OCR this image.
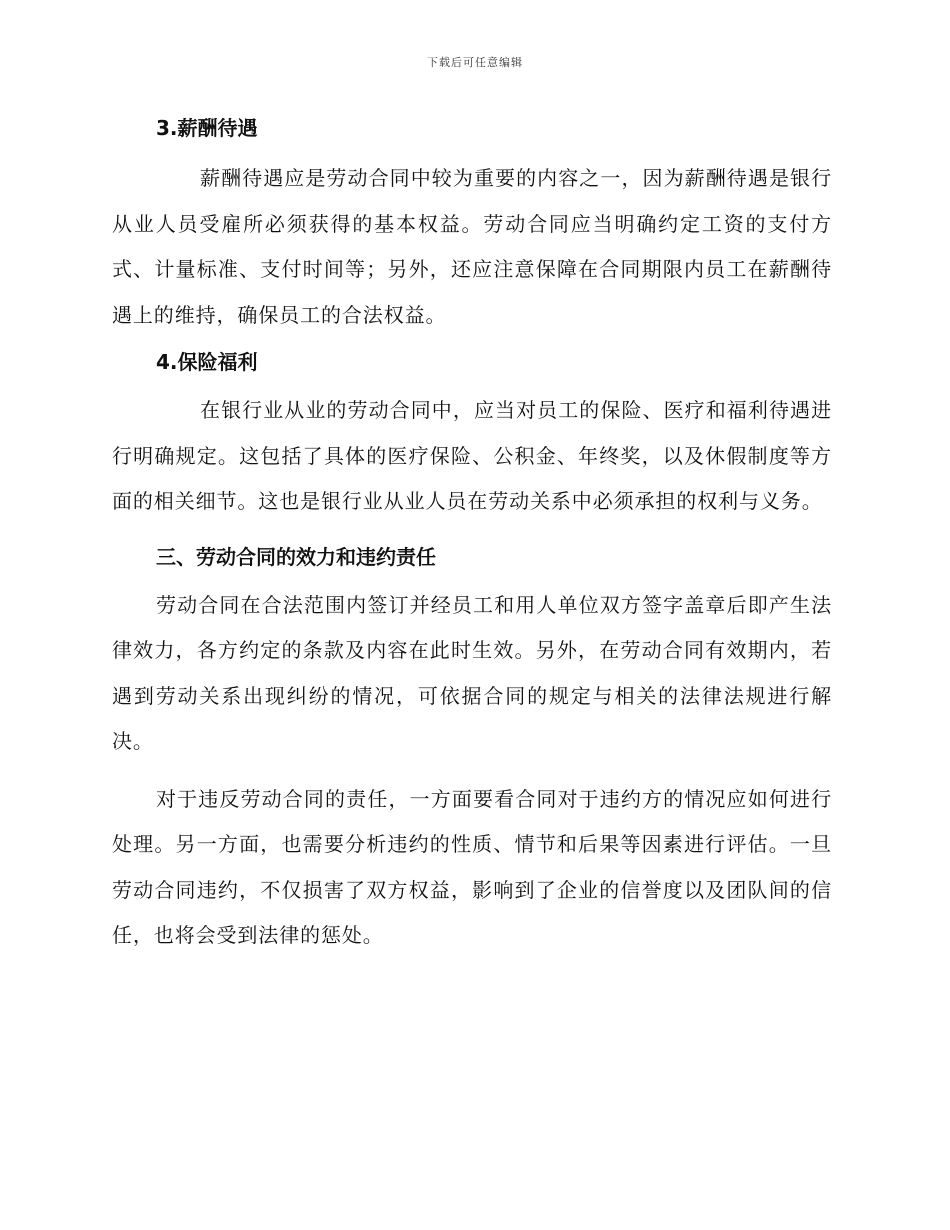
下载后可任意编辑
3.薪酬待遇

薪酬待遇应是劳动合同中较为重要的内容之一，因为薪酬待遇是银行从业人员受雇所必须获得的基本权益。劳动合同应当明确约定工资的支付方式、计量标准、支付时间等；另外，还应注意保障在合同期限内员工在薪酬待遇上的维持，确保员工的合法权益。

4.保险福利

在银行业从业的劳动合同中，应当对员工的保险、医疗和福利待遇进行明确规定。这包括了具体的医疗保险、公积金、年终奖，以及休假制度等方面的相关细节。这也是银行业从业人员在劳动关系中必须承担的权利与义务。

三、劳动合同的效力和违约责任

劳动合同在合法范围内签订并经员工和用人单位双方签字盖章后即产生法律效力，各方约定的条款及内容在此时生效。另外，在劳动合同有效期内，若遇到劳动关系出现纠纷的情况，可依据合同的规定与相关的法律法规进行解决。

对于违反劳动合同的责任，一方面要看合同对于违约方的情况应如何进行处理。另一方面，也需要分析违约的性质、情节和后果等因素进行评估。一旦劳动合同违约，不仅损害了双方权益，影响到了企业的信誉度以及团队间的信任，也将会受到法律的惩处。
